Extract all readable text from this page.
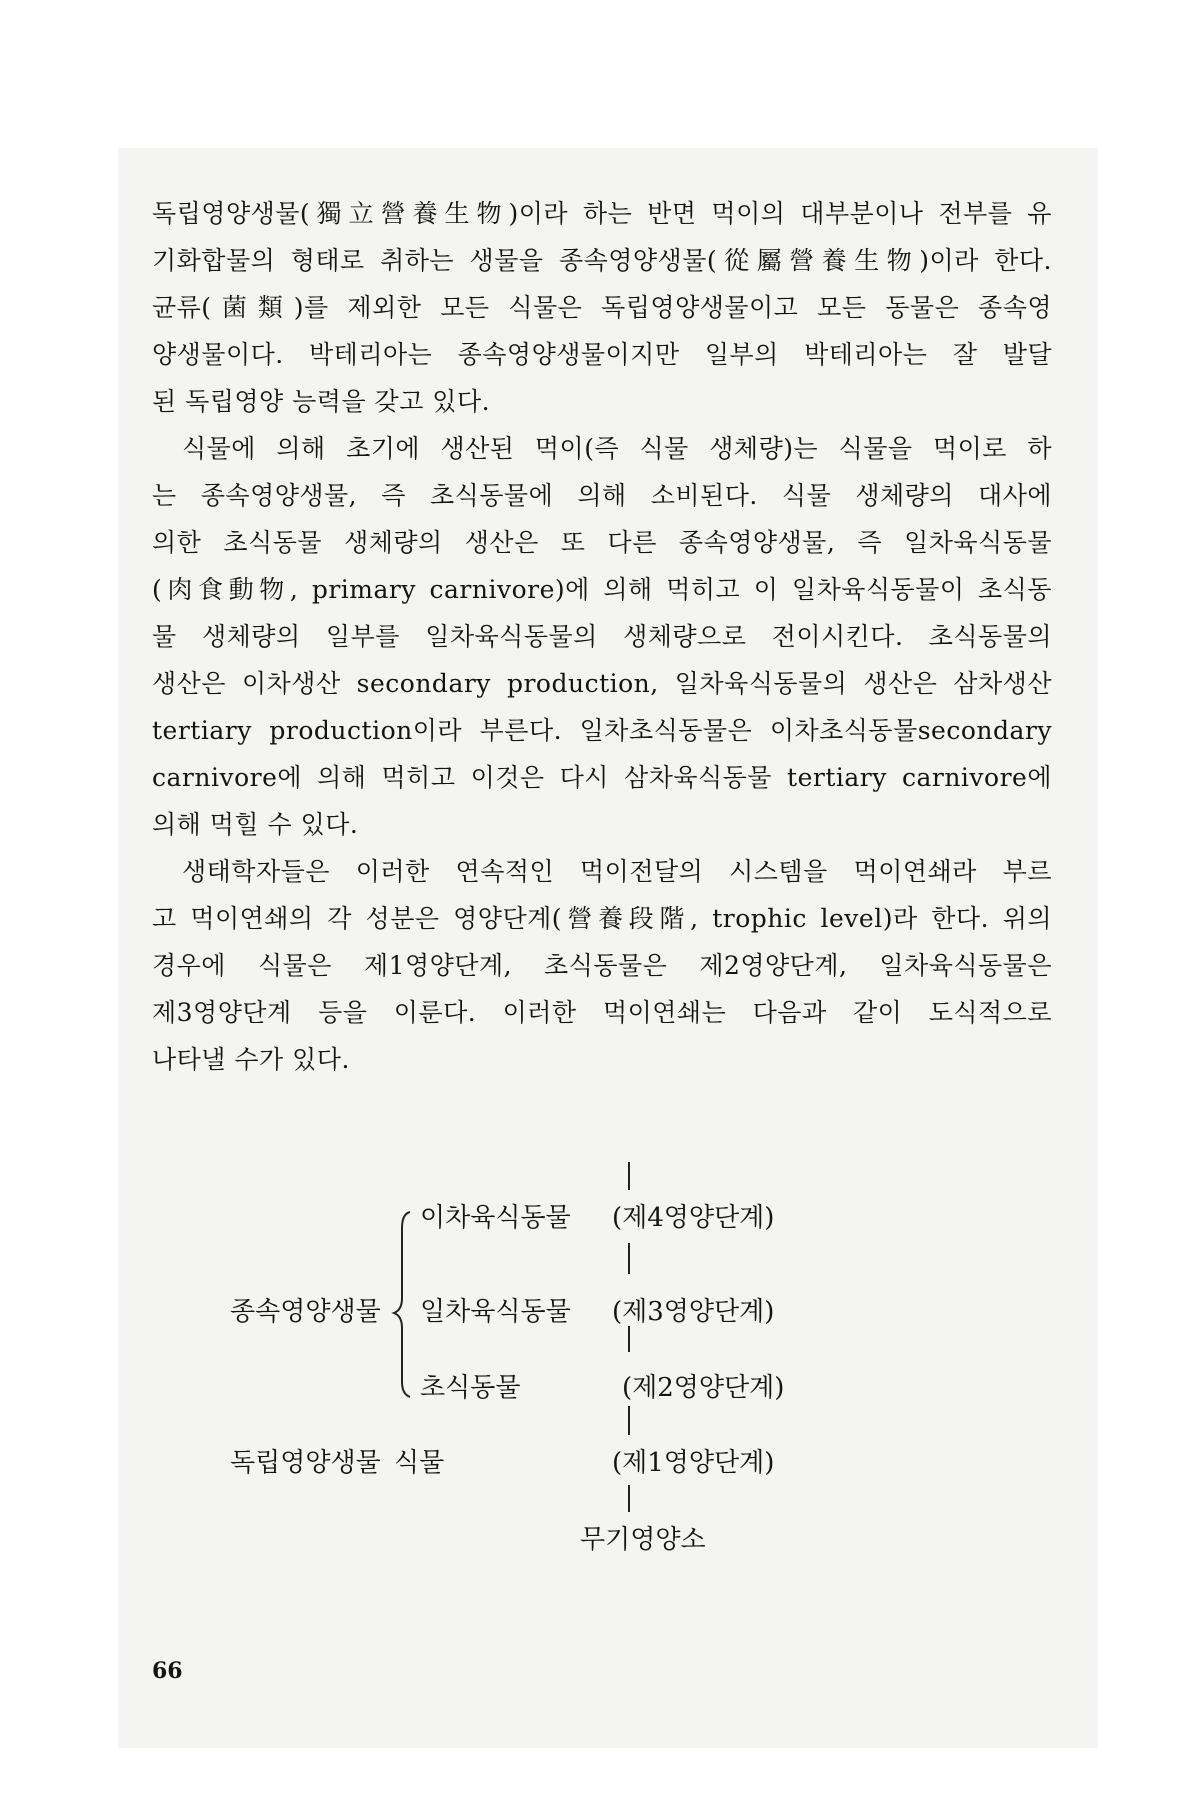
독립영양생물(獨立營養生物)이라 하는 반면 먹이의 대부분이나 전부를 유
기화합물의 형태로 취하는 생물을 종속영양생물(從屬營養生物)이라 한다.
균류(菌類)를 제외한 모든 식물은 독립영양생물이고 모든 동물은 종속영
양생물이다. 박테리아는 종속영양생물이지만 일부의 박테리아는 잘 발달
된 독립영양 능력을 갖고 있다.
식물에 의해 초기에 생산된 먹이(즉 식물 생체량)는 식물을 먹이로 하
는 종속영양생물, 즉 초식동물에 의해 소비된다. 식물 생체량의 대사에
의한 초식동물 생체량의 생산은 또 다른 종속영양생물, 즉 일차육식동물
(肉食動物, primary carnivore)에 의해 먹히고 이 일차육식동물이 초식동
물 생체량의 일부를 일차육식동물의 생체량으로 전이시킨다. 초식동물의
생산은 이차생산 secondary production, 일차육식동물의 생산은 삼차생산
tertiary production이라 부른다. 일차초식동물은 이차초식동물secondary
carnivore에 의해 먹히고 이것은 다시 삼차육식동물 tertiary carnivore에
의해 먹힐 수 있다.
생태학자들은 이러한 연속적인 먹이전달의 시스템을 먹이연쇄라 부르
고 먹이연쇄의 각 성분은 영양단계(營養段階, trophic level)라 한다. 위의
경우에 식물은 제1영양단계, 초식동물은 제2영양단계, 일차육식동물은
제3영양단계 등을 이룬다. 이러한 먹이연쇄는 다음과 같이 도식적으로
나타낼 수가 있다.
종속영양생물
이차육식동물
일차육식동물
초식동물
독립영양생물 식물
(제4영양단계)
(제3영양단계)
(제2영양단계)
(제1영양단계)
무기영양소
66
